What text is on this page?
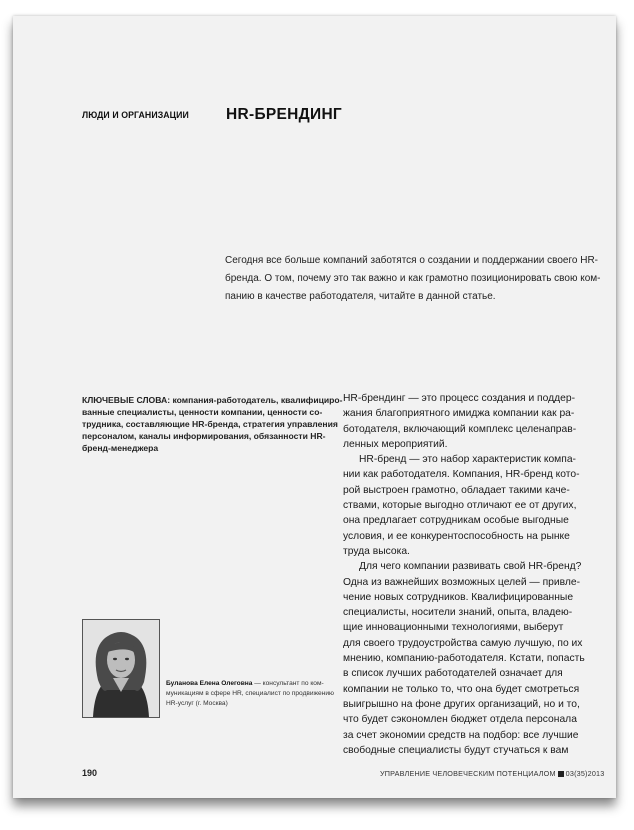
ЛЮДИ И ОРГАНИЗАЦИИ HR-БРЕНДИНГ
Сегодня все больше компаний заботятся о создании и поддержании своего HR-
бренда. О том, почему это так важно и как грамотно позиционировать свою ком-
панию в качестве работодателя, читайте в данной статье.
КЛЮЧЕВЫЕ СЛОВА: компания-работодатель, квалифициро-
ванные специалисты, ценности компании, ценности со-
трудника, составляющие HR-бренда, стратегия управления
персоналом, каналы информирования, обязанности HR-
бренд-менеджера
HR-брендинг — это процесс создания и поддер-
жания благоприятного имиджа компании как ра-
ботодателя, включающий комплекс целенаправ-
ленных мероприятий.
HR-бренд — это набор характеристик компа-
нии как работодателя. Компания, HR-бренд кото-
рой выстроен грамотно, обладает такими каче-
ствами, которые выгодно отличают ее от других,
она предлагает сотрудникам особые выгодные
условия, и ее конкурентоспособность на рынке
труда высока.
Для чего компании развивать свой HR-бренд?
Одна из важнейших возможных целей — привле-
чение новых сотрудников. Квалифицированные
специалисты, носители знаний, опыта, владею-
щие инновационными технологиями, выберут
для своего трудоустройства самую лучшую, по их
мнению, компанию-работодателя. Кстати, попасть
в список лучших работодателей означает для
компании не только то, что она будет смотреться
выигрышно на фоне других организаций, но и то,
что будет сэкономлен бюджет отдела персонала
за счет экономии средств на подбор: все лучшие
свободные специалисты будут стучаться к вам
Буланова Елена Олеговна — консультант по ком-
муникациям в сфере HR, специалист по продвижению
HR-услуг (г. Москва)
190	УПРАВЛЕНИЕ ЧЕЛОВЕЧЕСКИМ ПОТЕНЦИАЛОМ 03(35)2013
